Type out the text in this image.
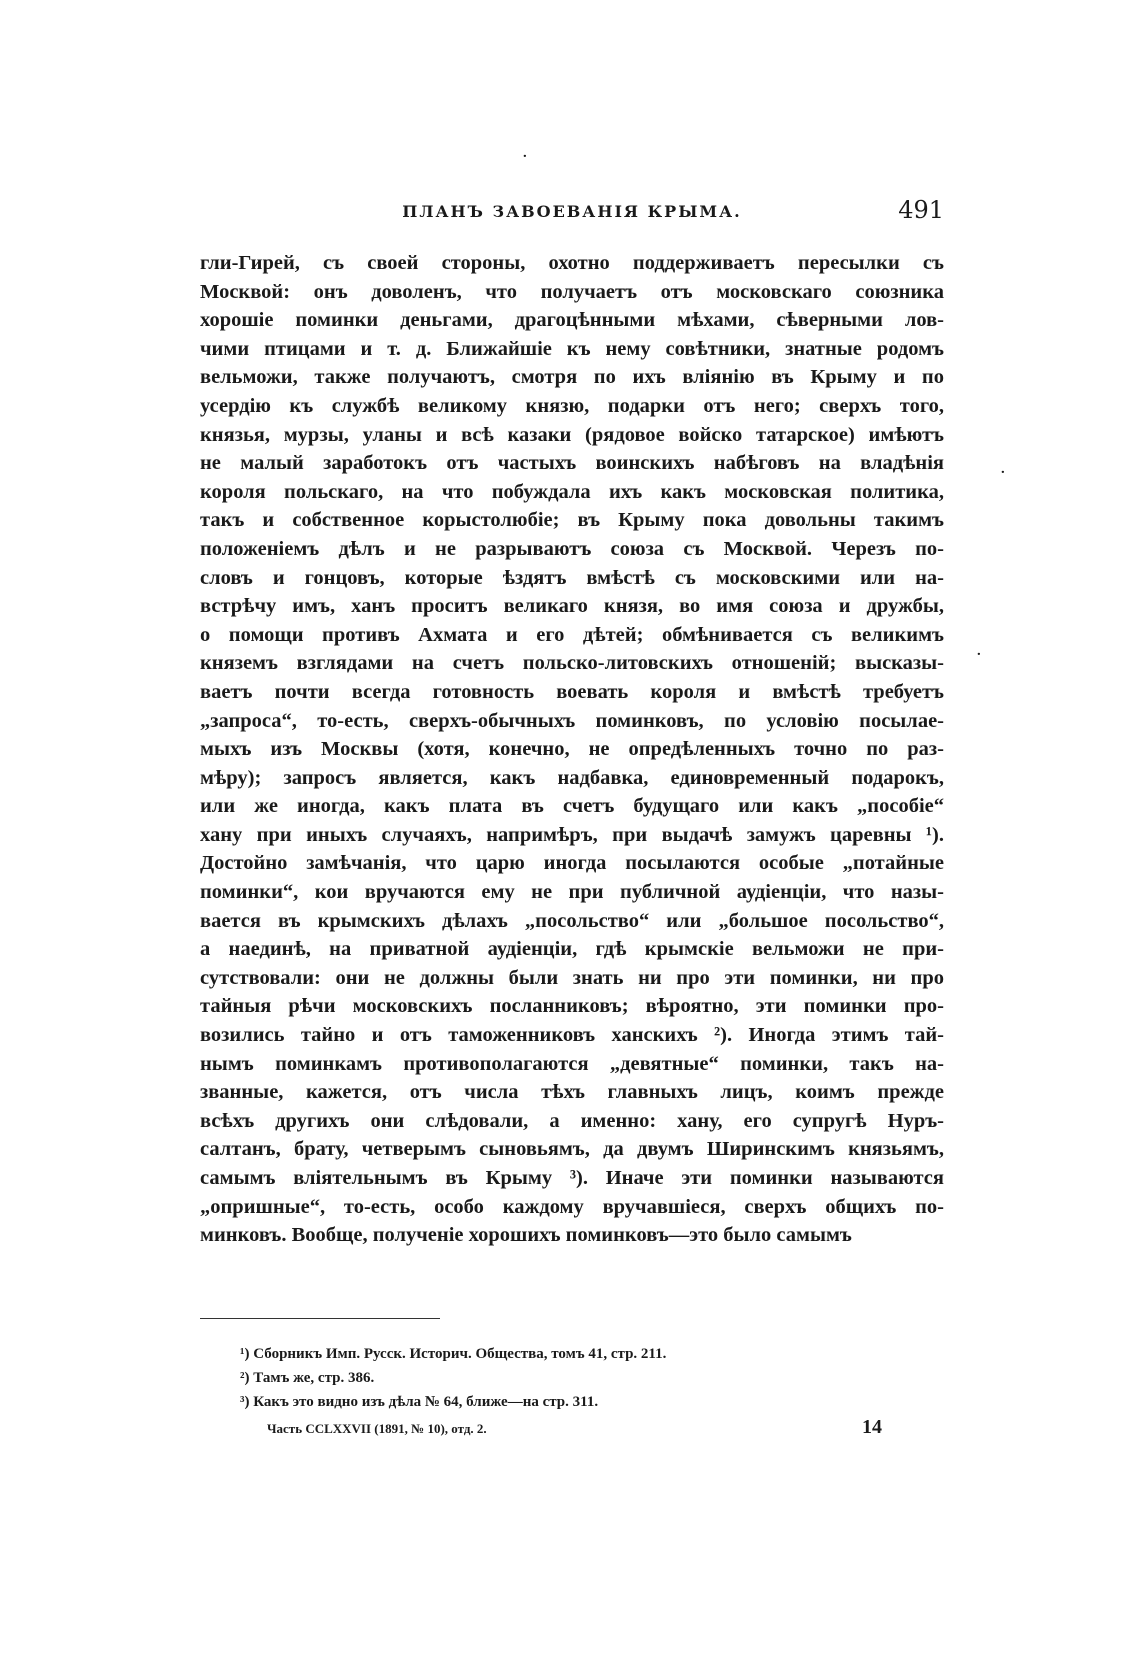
·
·
·
ПЛАНЪ ЗАВОЕВАНІЯ КРЫМА.	491
гли-Гирей, съ своей стороны, охотно поддерживаетъ пересылки съ
Москвой: онъ доволенъ, что получаетъ отъ московскаго союзника
хорошіе поминки деньгами, драгоцѣнными мѣхами, сѣверными лов-
чими птицами и т. д. Ближайшіе къ нему совѣтники, знатные родомъ
вельможи, также получаютъ, смотря по ихъ вліянію въ Крыму и по
усердію къ службѣ великому князю, подарки отъ него; сверхъ того,
князья, мурзы, уланы и всѣ казаки (рядовое войско татарское) имѣютъ
не малый заработокъ отъ частыхъ воинскихъ набѣговъ на владѣнія
короля польскаго, на что побуждала ихъ какъ московская политика,
такъ и собственное корыстолюбіе; въ Крыму пока довольны такимъ
положеніемъ дѣлъ и не разрываютъ союза съ Москвой. Черезъ по-
словъ и гонцовъ, которые ѣздятъ вмѣстѣ съ московскими или на-
встрѣчу имъ, ханъ проситъ великаго князя, во имя союза и дружбы,
о помощи противъ Ахмата и его дѣтей; обмѣнивается съ великимъ
княземъ взглядами на счетъ польско-литовскихъ отношеній; высказы-
ваетъ почти всегда готовность воевать короля и вмѣстѣ требуетъ
„запроса“, то-есть, сверхъ-обычныхъ поминковъ, по условію посылае-
мыхъ изъ Москвы (хотя, конечно, не опредѣленныхъ точно по раз-
мѣру); запросъ является, какъ надбавка, единовременный подарокъ,
или же иногда, какъ плата въ счетъ будущаго или какъ „пособіе“
хану при иныхъ случаяхъ, напримѣръ, при выдачѣ замужъ царевны ¹).
Достойно замѣчанія, что царю иногда посылаются особые „потайные
поминки“, кои вручаются ему не при публичной аудіенціи, что назы-
вается въ крымскихъ дѣлахъ „посольство“ или „большое посольство“,
а наединѣ, на приватной аудіенціи, гдѣ крымскіе вельможи не при-
сутствовали: они не должны были знать ни про эти поминки, ни про
тайныя рѣчи московскихъ посланниковъ; вѣроятно, эти поминки про-
возились тайно и отъ таможенниковъ ханскихъ ²). Иногда этимъ тай-
нымъ поминкамъ противополагаются „девятные“ поминки, такъ на-
званные, кажется, отъ числа тѣхъ главныхъ лицъ, коимъ прежде
всѣхъ другихъ они слѣдовали, а именно: хану, его супругѣ Нуръ-
салтанъ, брату, четверымъ сыновьямъ, да двумъ Ширинскимъ князьямъ,
самымъ вліятельнымъ въ Крыму ³). Иначе эти поминки называются
„опришные“, то-есть, особо каждому вручавшіеся, сверхъ общихъ по-
минковъ. Вообще, полученіе хорошихъ поминковъ—это было самымъ
¹) Сборникъ Имп. Русск. Историч. Общества, томъ 41, стр. 211.
²) Тамъ же, стр. 386.
³) Какъ это видно изъ дѣла № 64, ближе—на стр. 311.
Часть CCLXXVII (1891, № 10), отд. 2.	14
